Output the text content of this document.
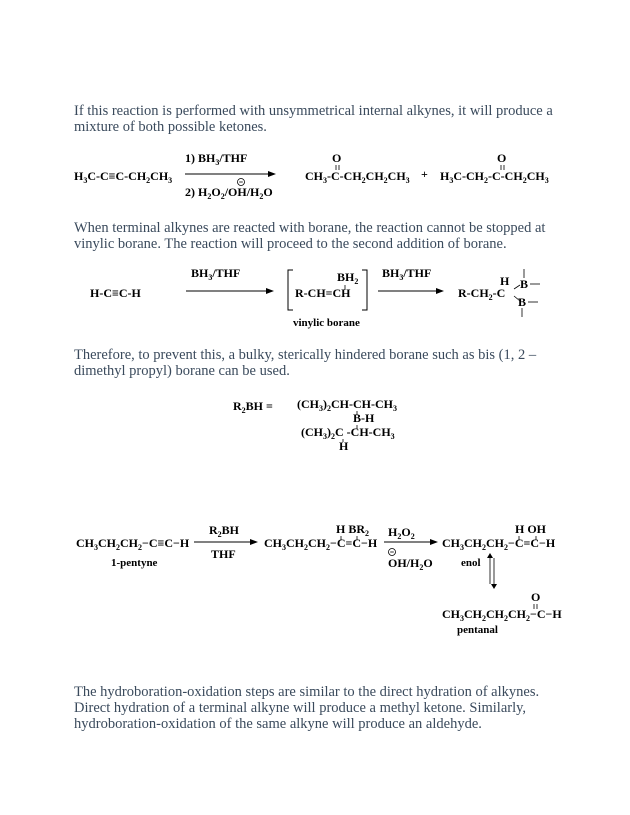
If this reaction is performed with unsymmetrical internal alkynes, it will produce a mixture of both possible ketones.
$H_3C-C\equiv C-CH_2CH_3$
1) $BH_3$/THF
2) $H_2O_2/OH/H_2O$
O
$CH_3-C-CH_2CH_2CH_3$ +
O
$H_3C-CH_2-C-CH_2CH_3$
When terminal alkynes are reacted with borane, the reaction cannot be stopped at vinylic borane. The reaction will proceed to the second addition of borane.
H-C≡C-H
$BH_3$/THF	$BH_2$
R-CH=CH
vinylic borane
$BH_3$/THF
H
$R-CH_2-C$
B
B
Therefore, to prevent this, a bulky, sterically hindered borane such as bis (1, 2 – dimethyl propyl) borane can be used.
$R_2BH = (CH_3)_2CH-CH-CH_3$
B-H
$(CH_3)_2C$ $-CH-CH_3$
H
$CH_3CH_2CH_2-C\equiv C-H$
1-pentyne
$R_2BH$
THF
H $BR_2$
$CH_3CH_2CH_2-C=C-H$
$H_2O_2$
$OH/H_2O$
H OH
$CH_3CH_2CH_2-C=C-H$
enol
O
$CH_3CH_2CH_2CH_2-C-H$
pentanal
The hydroboration-oxidation steps are similar to the direct hydration of alkynes. Direct hydration of a terminal alkyne will produce a methyl ketone. Similarly, hydroboration-oxidation of the same alkyne will produce an aldehyde.
